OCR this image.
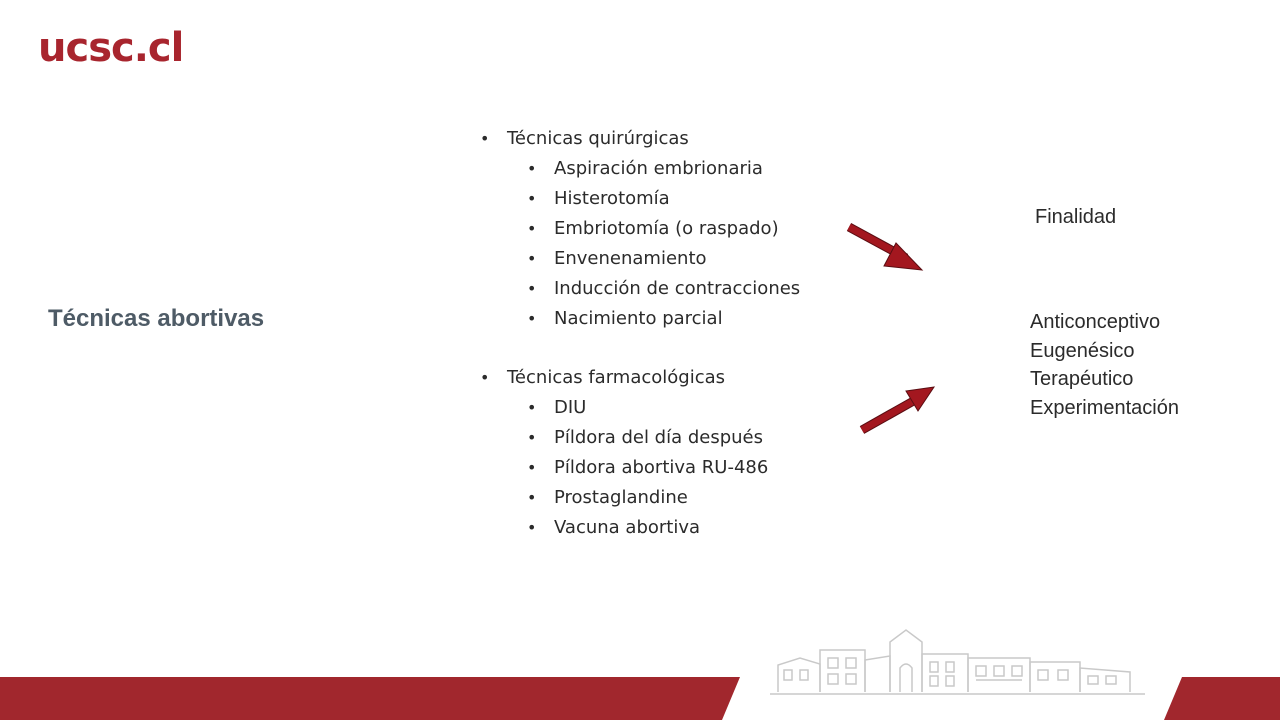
ucsc.cl
Técnicas abortivas
• Técnicas quirúrgicas
• Aspiración embrionaria
• Histerotomía
• Embriotomía (o raspado)
• Envenenamiento
• Inducción de contracciones
• Nacimiento parcial
• Técnicas farmacológicas
• DIU
• Píldora del día después
• Píldora abortiva RU-486
• Prostaglandine
• Vacuna abortiva
Finalidad
Anticonceptivo
Eugenésico
Terapéutico
Experimentación
